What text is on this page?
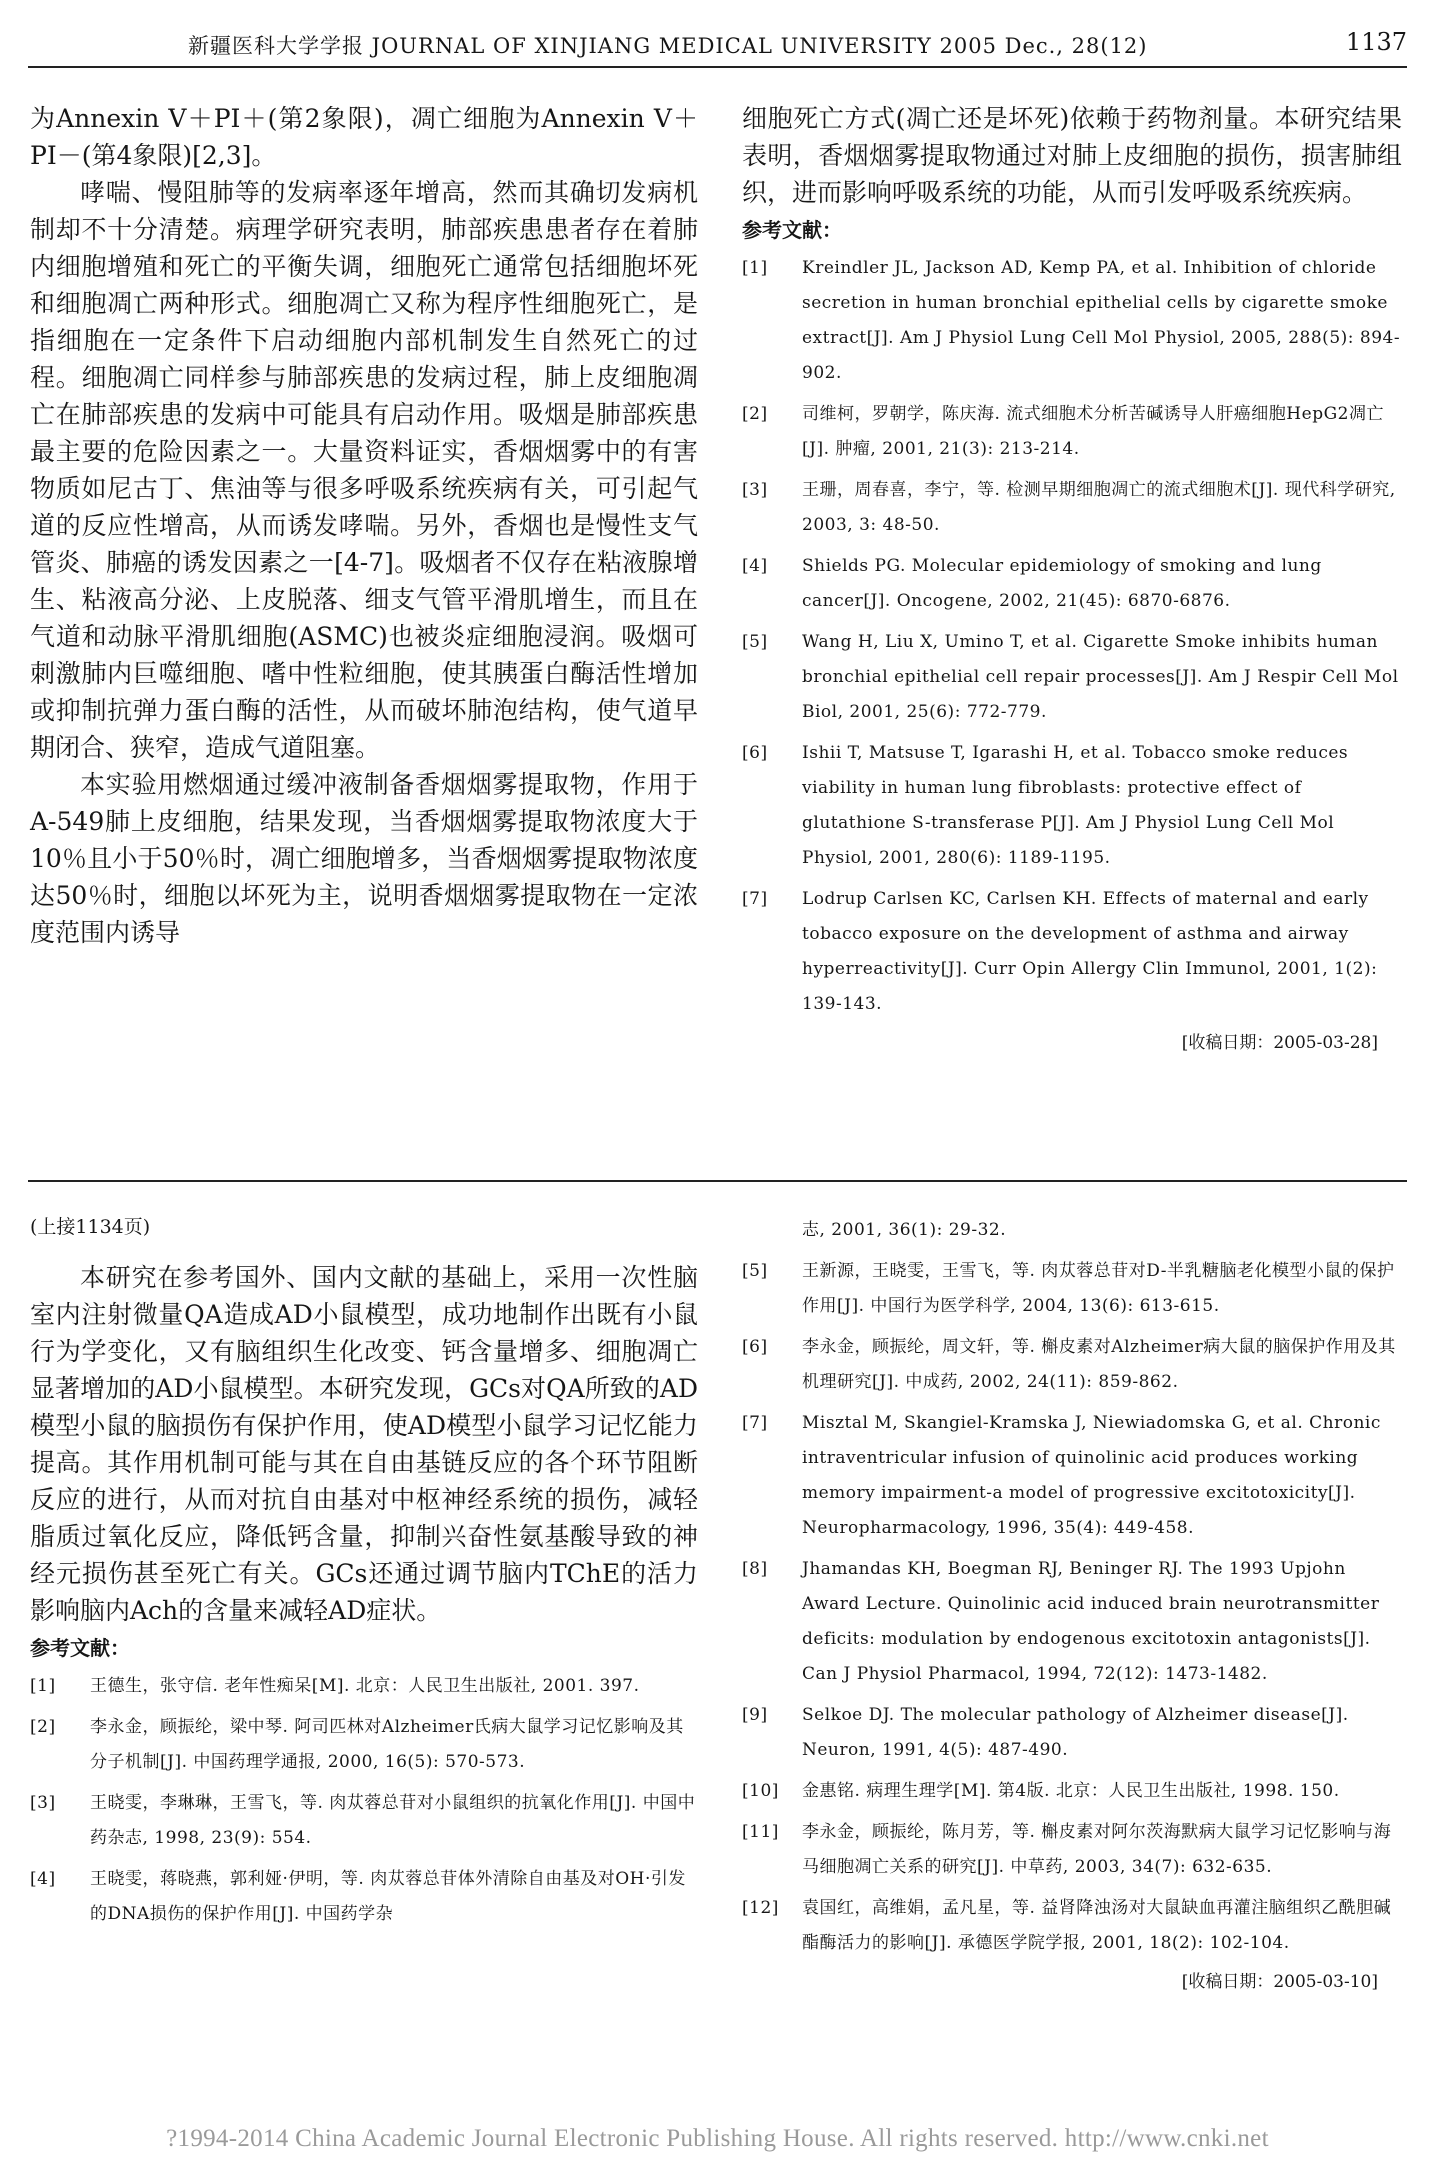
新疆医科大学学报 JOURNAL OF XINJIANG MEDICAL UNIVERSITY 2005 Dec., 28(12)	1137

为Annexin V＋PI＋(第2象限)，凋亡细胞为Annexin V＋PI－(第4象限)[2,3]。

哮喘、慢阻肺等的发病率逐年增高，然而其确切发病机制却不十分清楚。病理学研究表明，肺部疾患患者存在着肺内细胞增殖和死亡的平衡失调，细胞死亡通常包括细胞坏死和细胞凋亡两种形式。细胞凋亡又称为程序性细胞死亡，是指细胞在一定条件下启动细胞内部机制发生自然死亡的过程。细胞凋亡同样参与肺部疾患的发病过程，肺上皮细胞凋亡在肺部疾患的发病中可能具有启动作用。吸烟是肺部疾患最主要的危险因素之一。大量资料证实，香烟烟雾中的有害物质如尼古丁、焦油等与很多呼吸系统疾病有关，可引起气道的反应性增高，从而诱发哮喘。另外，香烟也是慢性支气管炎、肺癌的诱发因素之一[4-7]。吸烟者不仅存在粘液腺增生、粘液高分泌、上皮脱落、细支气管平滑肌增生，而且在气道和动脉平滑肌细胞(ASMC)也被炎症细胞浸润。吸烟可刺激肺内巨噬细胞、嗜中性粒细胞，使其胰蛋白酶活性增加或抑制抗弹力蛋白酶的活性，从而破坏肺泡结构，使气道早期闭合、狭窄，造成气道阻塞。

本实验用燃烟通过缓冲液制备香烟烟雾提取物，作用于A-549肺上皮细胞，结果发现，当香烟烟雾提取物浓度大于10％且小于50％时，凋亡细胞增多，当香烟烟雾提取物浓度达50％时，细胞以坏死为主，说明香烟烟雾提取物在一定浓度范围内诱导

细胞死亡方式(凋亡还是坏死)依赖于药物剂量。本研究结果表明，香烟烟雾提取物通过对肺上皮细胞的损伤，损害肺组织，进而影响呼吸系统的功能，从而引发呼吸系统疾病。

参考文献：
[1]	Kreindler JL, Jackson AD, Kemp PA, et al. Inhibition of chloride secretion in human bronchial epithelial cells by cigarette smoke extract[J]. Am J Physiol Lung Cell Mol Physiol, 2005, 288(5): 894-902.
[2]	司维柯，罗朝学，陈庆海. 流式细胞术分析苦碱诱导人肝癌细胞HepG2凋亡[J]. 肿瘤, 2001, 21(3): 213-214.
[3]	王珊，周春喜，李宁，等. 检测早期细胞凋亡的流式细胞术[J]. 现代科学研究, 2003, 3: 48-50.
[4]	Shields PG. Molecular epidemiology of smoking and lung cancer[J]. Oncogene, 2002, 21(45): 6870-6876.
[5]	Wang H, Liu X, Umino T, et al. Cigarette Smoke inhibits human bronchial epithelial cell repair processes[J]. Am J Respir Cell Mol Biol, 2001, 25(6): 772-779.
[6]	Ishii T, Matsuse T, Igarashi H, et al. Tobacco smoke reduces viability in human lung fibroblasts: protective effect of glutathione S-transferase P[J]. Am J Physiol Lung Cell Mol Physiol, 2001, 280(6): 1189-1195.
[7]	Lodrup Carlsen KC, Carlsen KH. Effects of maternal and early tobacco exposure on the development of asthma and airway hyperreactivity[J]. Curr Opin Allergy Clin Immunol, 2001, 1(2): 139-143.
[收稿日期：2005-03-28]
(上接1134页)

本研究在参考国外、国内文献的基础上，采用一次性脑室内注射微量QA造成AD小鼠模型，成功地制作出既有小鼠行为学变化，又有脑组织生化改变、钙含量增多、细胞凋亡显著增加的AD小鼠模型。本研究发现，GCs对QA所致的AD模型小鼠的脑损伤有保护作用，使AD模型小鼠学习记忆能力提高。其作用机制可能与其在自由基链反应的各个环节阻断反应的进行，从而对抗自由基对中枢神经系统的损伤，减轻脂质过氧化反应，降低钙含量，抑制兴奋性氨基酸导致的神经元损伤甚至死亡有关。GCs还通过调节脑内TChE的活力影响脑内Ach的含量来减轻AD症状。

参考文献：
[1]	王德生，张守信. 老年性痴呆[M]. 北京：人民卫生出版社, 2001. 397.
[2]	李永金，顾振纶，梁中琴. 阿司匹林对Alzheimer氏病大鼠学习记忆影响及其分子机制[J]. 中国药理学通报, 2000, 16(5): 570-573.
[3]	王晓雯，李琳琳，王雪飞，等. 肉苁蓉总苷对小鼠组织的抗氧化作用[J]. 中国中药杂志, 1998, 23(9): 554.
[4]	王晓雯，蒋晓燕，郭利娅·伊明，等. 肉苁蓉总苷体外清除自由基及对OH·引发的DNA损伤的保护作用[J]. 中国药学杂
志, 2001, 36(1): 29-32.
[5]	王新源，王晓雯，王雪飞，等. 肉苁蓉总苷对D-半乳糖脑老化模型小鼠的保护作用[J]. 中国行为医学科学, 2004, 13(6): 613-615.
[6]	李永金，顾振纶，周文轩，等. 槲皮素对Alzheimer病大鼠的脑保护作用及其机理研究[J]. 中成药, 2002, 24(11): 859-862.
[7]	Misztal M, Skangiel-Kramska J, Niewiadomska G, et al. Chronic intraventricular infusion of quinolinic acid produces working memory impairment-a model of progressive excitotoxicity[J]. Neuropharmacology, 1996, 35(4): 449-458.
[8]	Jhamandas KH, Boegman RJ, Beninger RJ. The 1993 Upjohn Award Lecture. Quinolinic acid induced brain neurotransmitter deficits: modulation by endogenous excitotoxin antagonists[J]. Can J Physiol Pharmacol, 1994, 72(12): 1473-1482.
[9]	Selkoe DJ. The molecular pathology of Alzheimer disease[J]. Neuron, 1991, 4(5): 487-490.
[10]	金惠铭. 病理生理学[M]. 第4版. 北京：人民卫生出版社, 1998. 150.
[11]	李永金，顾振纶，陈月芳，等. 槲皮素对阿尔茨海默病大鼠学习记忆影响与海马细胞凋亡关系的研究[J]. 中草药, 2003, 34(7): 632-635.
[12]	袁国红，高维娟，孟凡星，等. 益肾降浊汤对大鼠缺血再灌注脑组织乙酰胆碱酯酶活力的影响[J]. 承德医学院学报, 2001, 18(2): 102-104.
[收稿日期：2005-03-10]
?1994-2014 China Academic Journal Electronic Publishing House. All rights reserved. http://www.cnki.net
